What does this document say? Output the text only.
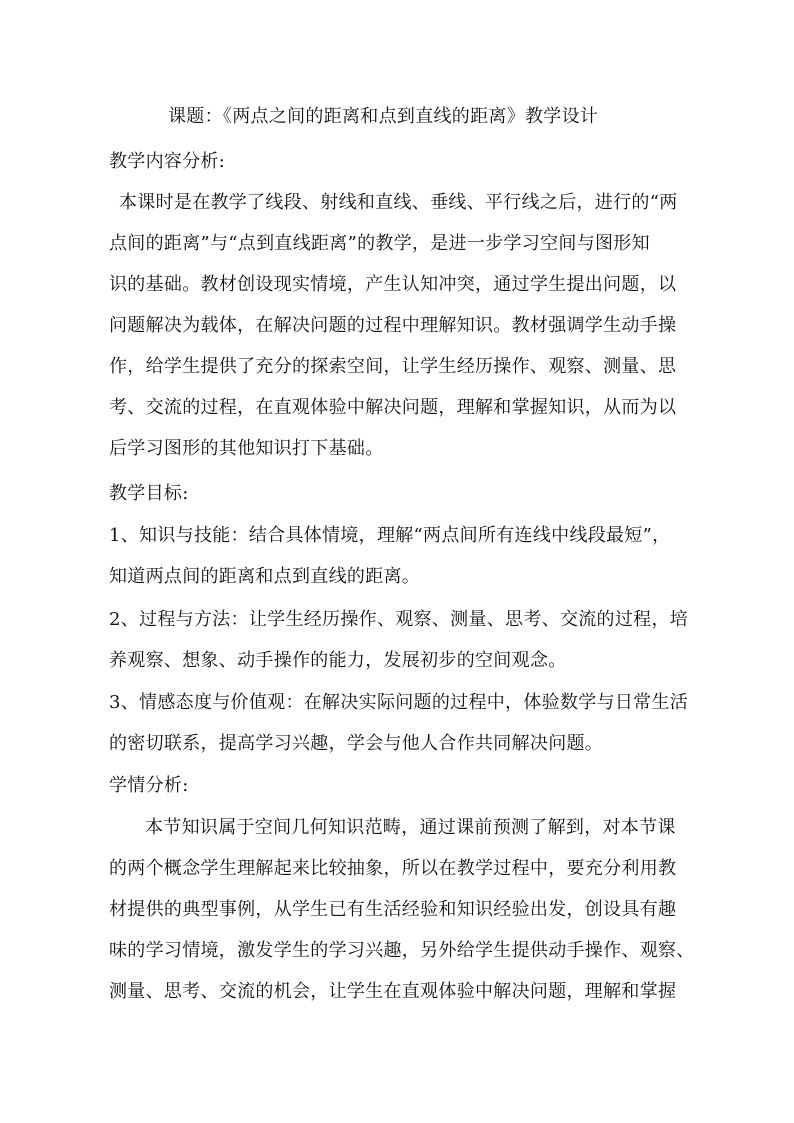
课题：《两点之间的距离和点到直线的距离》教学设计

教学内容分析:

本课时是在教学了线段、射线和直线、垂线、平行线之后，进行的“两

点间的距离”与“点到直线距离”的教学，是进一步学习空间与图形知

识的基础。教材创设现实情境，产生认知冲突，通过学生提出问题，以

问题解决为载体，在解决问题的过程中理解知识。教材强调学生动手操

作，给学生提供了充分的探索空间，让学生经历操作、观察、测量、思

考、交流的过程，在直观体验中解决问题，理解和掌握知识，从而为以

后学习图形的其他知识打下基础。

教学目标:

1、知识与技能：结合具体情境，理解“两点间所有连线中线段最短”，

知道两点间的距离和点到直线的距离。

2、过程与方法：让学生经历操作、观察、测量、思考、交流的过程，培

养观察、想象、动手操作的能力，发展初步的空间观念。

3、情感态度与价值观：在解决实际问题的过程中，体验数学与日常生活

的密切联系，提高学习兴趣，学会与他人合作共同解决问题。

学情分析:

本节知识属于空间几何知识范畴，通过课前预测了解到，对本节课

的两个概念学生理解起来比较抽象，所以在教学过程中，要充分利用教

材提供的典型事例，从学生已有生活经验和知识经验出发，创设具有趣

味的学习情境，激发学生的学习兴趣，另外给学生提供动手操作、观察、

测量、思考、交流的机会，让学生在直观体验中解决问题，理解和掌握
